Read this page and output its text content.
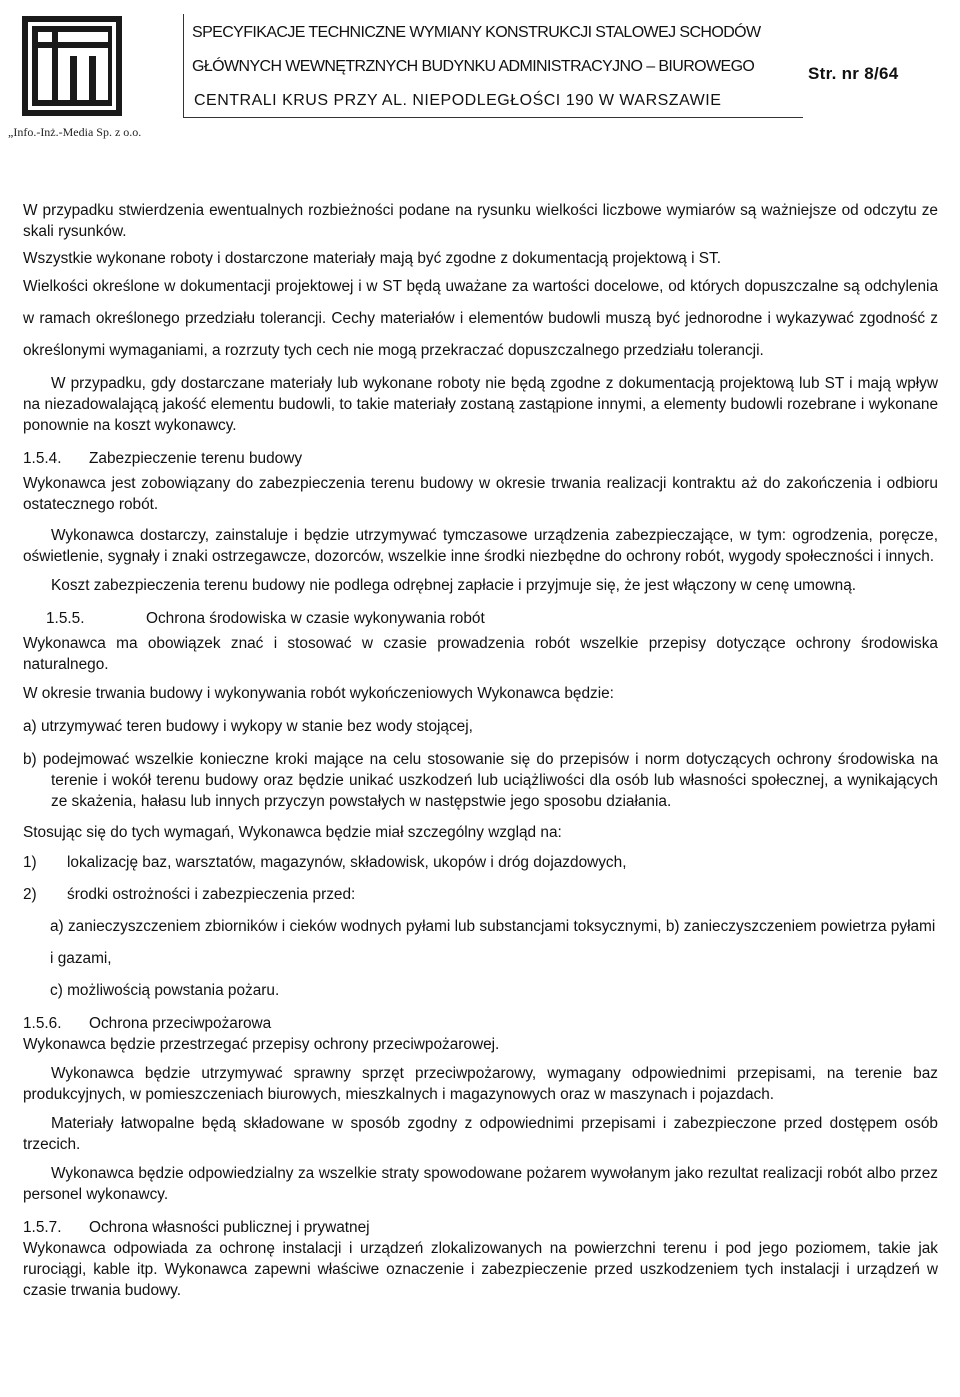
SPECYFIKACJE TECHNICZNE WYMIANY KONSTRUKCJI STALOWEJ SCHODÓW
GŁÓWNYCH WEWNĘTRZNYCH BUDYNKU ADMINISTRACYJNO – BIUROWEGO
CENTRALI KRUS PRZY AL. NIEPODLEGŁOŚCI 190 W WARSZAWIE
Str. nr 8/64
„Info.-Inż.-Media Sp. z o.o.

W przypadku stwierdzenia ewentualnych rozbieżności podane na rysunku wielkości liczbowe wymiarów są ważniejsze od odczytu ze skali rysunków.

Wszystkie wykonane roboty i dostarczone materiały mają być zgodne z dokumentacją projektową i ST.

Wielkości określone w dokumentacji projektowej i w ST będą uważane za wartości docelowe, od których dopuszczalne są odchylenia w ramach określonego przedziału tolerancji. Cechy materiałów i elementów budowli muszą być jednorodne i wykazywać zgodność z określonymi wymaganiami, a rozrzuty tych cech nie mogą przekraczać dopuszczalnego przedziału tolerancji.

W przypadku, gdy dostarczane materiały lub wykonane roboty nie będą zgodne z dokumentacją projektową lub ST i mają wpływ na niezadowalającą jakość elementu budowli, to takie materiały zostaną zastąpione innymi, a elementy budowli rozebrane i wykonane ponownie na koszt wykonawcy.

1.5.4. Zabezpieczenie terenu budowy

Wykonawca jest zobowiązany do zabezpieczenia terenu budowy w okresie trwania realizacji kontraktu aż do zakończenia i odbioru ostatecznego robót.

Wykonawca dostarczy, zainstaluje i będzie utrzymywać tymczasowe urządzenia zabezpieczające, w tym: ogrodzenia, poręcze, oświetlenie, sygnały i znaki ostrzegawcze, dozorców, wszelkie inne środki niezbędne do ochrony robót, wygody społeczności i innych.

Koszt zabezpieczenia terenu budowy nie podlega odrębnej zapłacie i przyjmuje się, że jest włączony w cenę umowną.

1.5.5.	Ochrona środowiska w czasie wykonywania robót

Wykonawca ma obowiązek znać i stosować w czasie prowadzenia robót wszelkie przepisy dotyczące ochrony środowiska naturalnego.

W okresie trwania budowy i wykonywania robót wykończeniowych Wykonawca będzie:

a) utrzymywać teren budowy i wykopy w stanie bez wody stojącej,

b) podejmować wszelkie konieczne kroki mające na celu stosowanie się do przepisów i norm dotyczących ochrony środowiska na terenie i wokół terenu budowy oraz będzie unikać uszkodzeń lub uciążliwości dla osób lub własności społecznej, a wynikających ze skażenia, hałasu lub innych przyczyn powstałych w następstwie jego sposobu działania.

Stosując się do tych wymagań, Wykonawca będzie miał szczególny wzgląd na:

1) lokalizację baz, warsztatów, magazynów, składowisk, ukopów i dróg dojazdowych,

2) środki ostrożności i zabezpieczenia przed:

a) zanieczyszczeniem zbiorników i cieków wodnych pyłami lub substancjami toksycznymi, b) zanieczyszczeniem powietrza pyłami i gazami,

c) możliwością powstania pożaru.

1.5.6. Ochrona przeciwpożarowa

Wykonawca będzie przestrzegać przepisy ochrony przeciwpożarowej.

Wykonawca będzie utrzymywać sprawny sprzęt przeciwpożarowy, wymagany odpowiednimi przepisami, na terenie baz produkcyjnych, w pomieszczeniach biurowych, mieszkalnych i magazynowych oraz w maszynach i pojazdach.

Materiały łatwopalne będą składowane w sposób zgodny z odpowiednimi przepisami i zabezpieczone przed dostępem osób trzecich.

Wykonawca będzie odpowiedzialny za wszelkie straty spowodowane pożarem wywołanym jako rezultat realizacji robót albo przez personel wykonawcy.

1.5.7. Ochrona własności publicznej i prywatnej

Wykonawca odpowiada za ochronę instalacji i urządzeń zlokalizowanych na powierzchni terenu i pod jego poziomem, takie jak rurociągi, kable itp. Wykonawca zapewni właściwe oznaczenie i zabezpieczenie przed uszkodzeniem tych instalacji i urządzeń w czasie trwania budowy.
